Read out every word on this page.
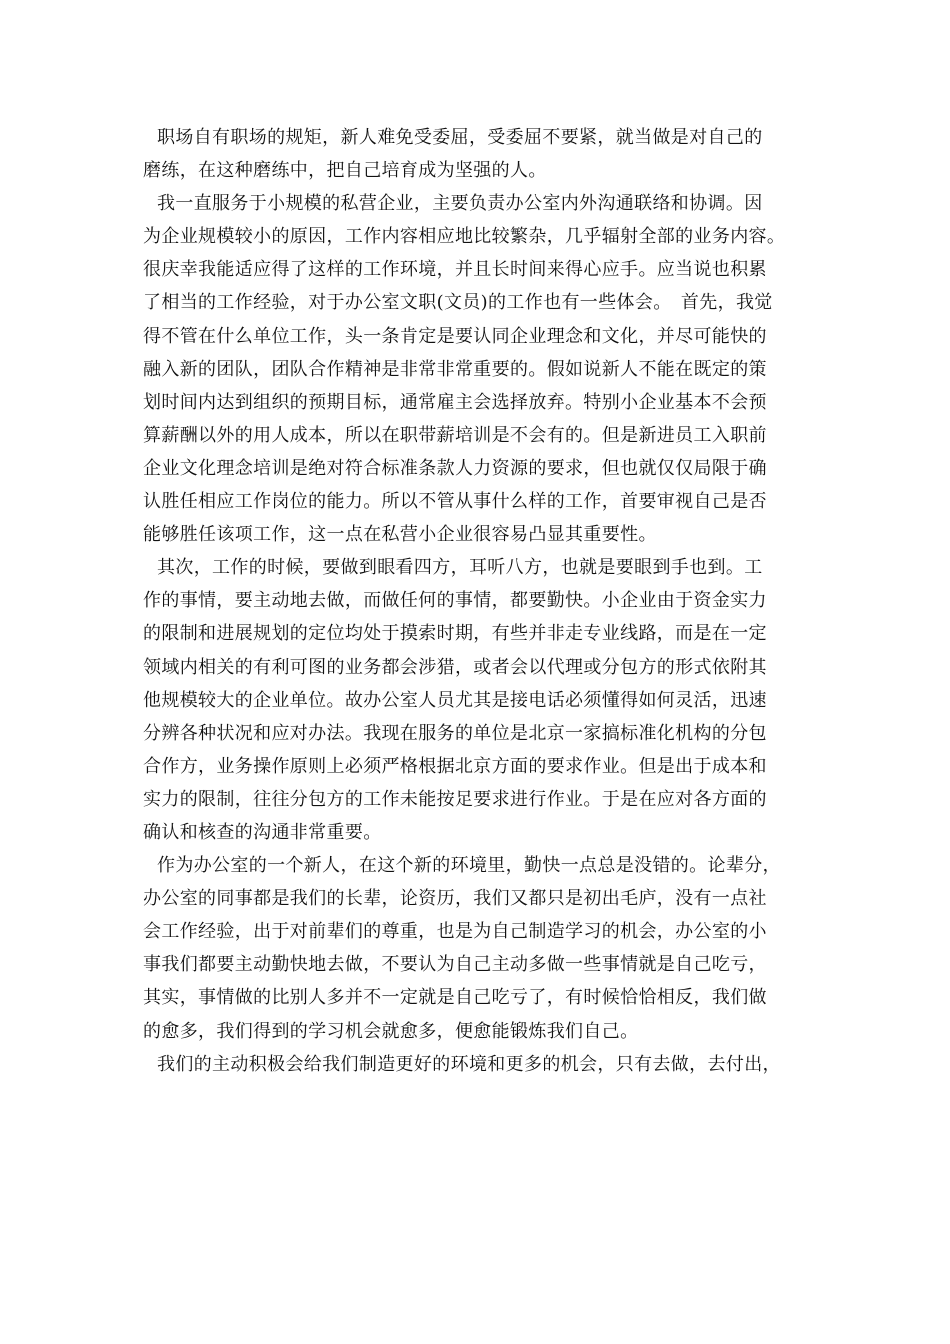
职场自有职场的规矩，新人难免受委屈，受委屈不要紧，就当做是对自己的
磨练，在这种磨练中，把自己培育成为坚强的人。
我一直服务于小规模的私营企业，主要负责办公室内外沟通联络和协调。因
为企业规模较小的原因，工作内容相应地比较繁杂，几乎辐射全部的业务内容。
很庆幸我能适应得了这样的工作环境，并且长时间来得心应手。应当说也积累
了相当的工作经验，对于办公室文职(文员)的工作也有一些体会。　首先，我觉
得不管在什么单位工作，头一条肯定是要认同企业理念和文化，并尽可能快的
融入新的团队，团队合作精神是非常非常重要的。假如说新人不能在既定的策
划时间内达到组织的预期目标，通常雇主会选择放弃。特别小企业基本不会预
算薪酬以外的用人成本，所以在职带薪培训是不会有的。但是新进员工入职前
企业文化理念培训是绝对符合标准条款人力资源的要求，但也就仅仅局限于确
认胜任相应工作岗位的能力。所以不管从事什么样的工作，首要审视自己是否
能够胜任该项工作，这一点在私营小企业很容易凸显其重要性。
其次，工作的时候，要做到眼看四方，耳听八方，也就是要眼到手也到。工
作的事情，要主动地去做，而做任何的事情，都要勤快。小企业由于资金实力
的限制和进展规划的定位均处于摸索时期，有些并非走专业线路，而是在一定
领域内相关的有利可图的业务都会涉猎，或者会以代理或分包方的形式依附其
他规模较大的企业单位。故办公室人员尤其是接电话必须懂得如何灵活，迅速
分辨各种状况和应对办法。我现在服务的单位是北京一家搞标准化机构的分包
合作方，业务操作原则上必须严格根据北京方面的要求作业。但是出于成本和
实力的限制，往往分包方的工作未能按足要求进行作业。于是在应对各方面的
确认和核查的沟通非常重要。
作为办公室的一个新人，在这个新的环境里，勤快一点总是没错的。论辈分，
办公室的同事都是我们的长辈，论资历，我们又都只是初出毛庐，没有一点社
会工作经验，出于对前辈们的尊重，也是为自己制造学习的机会，办公室的小
事我们都要主动勤快地去做，不要认为自己主动多做一些事情就是自己吃亏，
其实，事情做的比别人多并不一定就是自己吃亏了，有时候恰恰相反，我们做
的愈多，我们得到的学习机会就愈多，便愈能锻炼我们自己。
我们的主动积极会给我们制造更好的环境和更多的机会，只有去做，去付出，
